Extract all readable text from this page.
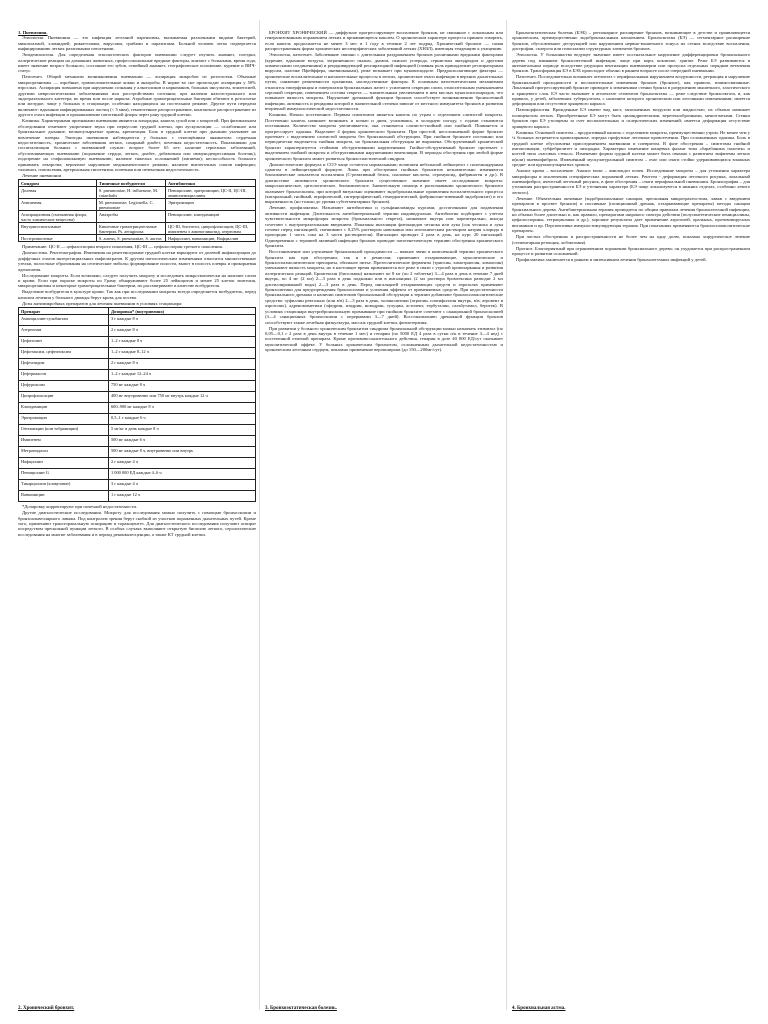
1. Пневмония.

Этиология. Пневмония — это инфекция легочной паренхимы, вызываемая различными видами бактерий, микоплазмой, хламидией, риккетсиями, вирусами, грибами и паразитами. Больной человек легко подвергается инфицированию легких различными патогенами.

Эпидемиология. Для определения этиологических факторов пневмонии следует изучить анамнез, поездки, аллергические реакции на домашних животных, профессиональные вредные факторы, контакт с больными, время года, имеет значение возраст больного, состояние его зубов, семейный анамнез, географическое положение, курение и ВИЧ-статус.

Патогенез. Общий механизм возникновения пневмонии — аспирация микробов из ротоглотки. Обычные микроорганизмы — аэробные, грамположительные кокки и анаэробы. В норме во сне происходит аспирация у 50% взрослых. Аспирация повышена при нарушении сознания у алкоголиков и наркоманов, больных инсультом, эпилепсией, другими неврологическими заболеваниями или расстройствами глотания; при наличии назогастрального или эндотрахеального катетера; во время или после наркоза. Аэробные грамотрицательные бактерии обитают в ротоглотке или желудке, чаще у больных в стационаре, особенно находящихся на постельном режиме. Другие пути передачи включают: вдыхание инфицированных частиц (< 5 мкм), гематогенное распространение, контактное распространение из другого очага инфекции и проникновение патогенной флоры через рану грудной клетки.

Клиника. Характерными признаками пневмонии являются лихорадка, кашель сухой или с мокротой. При физикальном обследовании отмечают укорочение звука при перкуссии грудной клетки, при аускультации — ослабленное или бронхиальное дыхание, мелкопузырчатые хрипы, крепитация. Боль в грудной клетке при дыхании указывает на вовлечение плевры. Эпизоды пневмонии наблюдаются у больных с отягощённым анамнезом: сердечная недостаточность, хронические заболевания легких, сахарный диабет, почечная недостаточность. Показаниями для госпитализации больных с пневмонией служат: возраст более 65 лет; наличие серьезных заболеваний, обусловливающих пневмонию (поражение сердца, легких, диабет, добавочная или иммунодепрессивная болезнь); подозрение на стафилококковую пневмонию; наличие тяжелых осложнений (эмпиема); неспособность больного принимать лекарства; вероятное нарушение медикаментозного режима; наличие внелегочных очагов инфекции; тахипноэ, гипоксемия, артериальная гипотензия, почечная или печеночная недостаточность.

Лечение пневмонии
Синдром	Типичные возбудители	Антибиотики
Долевая	S. pneumoniae, H. influenzae, M. catarrhalis	Пенициллин, эритромицин, ЦС-II, ЦС-III, аминопенициллины
Атипичная	M. pneumoniae, Legionella, C. pneumoniae	Эритромицин
Аспирационная (смешанная флора, часто химические вещества)	Анаэробы	Пенициллин, клиндамицин
Внутригоспитальные	Кишечные грамотрицательные бактерии, Ps. aeruginosa	ЦС-III, бисептол, ципрофлоксацин; ЦС-III, имипенем ± аминогликозид, азтреонам
Постгриппозные	S. aureus, S. pneumoniae, S. aureus	Нафциллин, ванкомицин, Нафциллин

Примечание: ЦС-II — цефалоспорин второго поколения, ЦС-III — цефалоспорин третьего поколения.

Диагностика. Рентгенография. Изменения на рентгенограмме грудной клетки варьируют от долевой инфильтрации до диффузных очагов интерстициальных инфильтратов. К другим патологическим изменениям относятся множественные узелки, полостные образования на септические эмболы; формирование полости, выпот в полость плевры и прикорневая аденопатия.

Исследование мокроты. Если возможно, следует получить мокроту и исследовать микроскопически на наличие слизи и крови. Если при окраске мокроты по Граму обнаруживают более 25 лейкоцитов и менее 25 клеток эпителия, микроорганизмы и некоторые грамотрицательные бактерии, их рассматривают в качестве возбудителя.

Выделение возбудителя в культуре крови. Так как при исследовании мокроты всегда определяется возбудитель, перед началом лечения у больного дважды берут кровь для посева.

Дозы антимикробных препаратов для лечения пневмонии в условиях стационара:

Препарат	Дозировка* (внутривенно)
Ампициллин-сульбактам	3 г каждые 8 ч
Азтреонам	2 г каждые 8 ч
Цефазолин	1–2 г каждые 8 ч
Цефотаксим, цефтизоксим	1–2 г каждые 8–12 ч
Цефтазидим	2 г каждые 8 ч
Цефтриаксон	1–2 г каждые 12–24 ч
Цефуроксим	750 мг каждые 8 ч
Ципрофлоксацин	400 мг внутривенно или 750 мг внутрь каждые 12 ч
Клиндамицин	600–900 мг каждые 8 ч
Эритромицин	0,5–1 г каждые 6 ч
Гентамицин (или тобрамицин)	5 мг/кг в день каждые 8 ч
Имипенем	500 мг каждые 6 ч
Метронидазол	500 мг каждые 8 ч, внутривенно или внутрь
Нафциллин	2 г каждые 4 ч
Пенициллин G	1 000 000 ЕД каждые 4–6 ч
Тикарциллин (клавуланат)	3 г каждые 4 ч
Ванкомицин	1 г каждые 12 ч

*Дозировку корректируют при почечной недостаточности.

Другие диагностические исследования. Мокроту для исследования можно получить с помощью бронхоскопии и бронхоальвеолярного лаважа. Под контролем зрения берут скобкой из участков пораженных дыхательных путей. Кроме того, применяют трансторакальную аспирацию и торакоцентез. Для диагностического исследования получают аспират посредством чрескожной пункции легкого. В особых случаях выполняют открытую биопсию легкого, серологические исследования на многие заболевания и в период реконвалесценции, а также КТ грудной клетки.

БРОНХИТ ХРОНИЧЕСКИЙ — диффузное прогрессирующее воспаление бронхов, не связанное с локальным или генерализованным поражением легких и проявляющееся кашлем. О хроническом характере процесса принято говорить, если кашель продолжается не менее 3 мес в 1 году в течение 2 лет подряд. Хронический бронхит — самая распространенная форма хронических неспецифических заболеваний легких (ХНЗЛ), имеющая тенденцию к учащению.

Этиология, патогенез. Заболевание связано с длительным раздражением бронхов различными вредными факторами (курение, вдыхание воздуха, загрязненного пылью, дымом, окисью углерода, сернистым ангидридом и другими химическими соединениями) и рецидивирующей респираторной инфекцией (главная роль принадлежит респираторным вирусам, палочке Пфейффера, пневмококкам), реже возникает при муковисцидозе. Предрасполагающие факторы — хронические воспалительные и нагноительные процессы в легких, хронические очаги инфекции в верхних дыхательных путях, снижение реактивности организма, наследственные факторы. К основным патогенетическим механизмам относятся гиперфункция и гиперплазия бронхиальных желез с усилением секреции слизи, относительным уменьшением серозной секреции, изменением состава секрета — значительным увеличением в нем кислых мукополисахаридов, что повышает вязкость мокроты. Нарушение дренажной функции бронхов способствует возникновению бронхогенной инфекции, активность и рецидивы которой в значительной степени зависят от местного иммунитета бронхов и развития вторичной иммунологической недостаточности.

Клиника. Начало постепенное. Первым симптомом является кашель по утрам с отделением слизистой мокроты. Постепенно кашель начинает возникать и ночью и днем, усиливаясь, в холодную погоду, с годами становится постоянным. Количество мокроты увеличивается, она становится слизисто-гнойной или гнойной. Появляется и прогрессирует одышка. Выделяют 4 формы хронического бронхита. При простой, неосложненной форме бронхит протекает с выделением слизистой мокроты без бронхиальной обструкции. При гнойном бронхите постоянно или периодически выделяется гнойная мокрота, но бронхиальная обструкция не выражена. Обструктивный хронический бронхит характеризуется стойкими обструктивными нарушениями. Гнойно-обструктивный бронхит протекает с выделением гнойной мокроты и обструктивными нарушениями вентиляции. В периоды обострения при любой форме хронического бронхита может развиться бронхоспастический синдром.

Диагностические формула и СОЭ чаще остаются нормальными; возможен небольшой лейкоцитоз с палочкоядерным сдвигом в лейкоцитарной формуле. Лишь при обострении гнойных бронхитов незначительно изменяются биохимические показатели воспаления (С-реактивный белок, сиаловые кислоты, серомукоид, фибриноген и др.). В диагностике активности хронического бронхита существенное значение имеет исследование мокроты: макроскопическое, цитологическое, биохимическое. Значительную помощь в распознавании хронического бронхита оказывает бронхоскопия, при которой визуально оценивают эндобронхиальные проявления воспалительного процесса (катаральный, гнойный, атрофический, гипертрофический, геморрагический, фибринозно-язвенный эндобронхит) и его выраженность (но только до уровня субсегментарных бронхов).

Лечение, профилактика. Назначают антибиотики и сульфаниламиды курсами, достаточными для подавления активности инфекции. Длительность антибактериальной терапии индивидуальна. Антибиотик подбирают с учетом чувствительности микрофлоры мокроты (бронхиального секрета), назначают внутрь или парентерально, иногда сочетают с внутритрахеальным введением. Показаны ингаляции фитонцидов чеснока или лука (сок чеснока и лука готовят перед ингаляцией, смешивают с 0,25% раствором новокаина или изотоническим раствором натрия хлорида в пропорции 1 часть сока на 3 части растворителя). Ингаляции проводят 2 раза в день, на курс 20 ингаляций. Одновременно с терапией активной инфекции бронхов проводят патогенетическую терапию обострения хронического бронхита.

Восстановление или улучшение бронхиальной проходимости — важное звено в комплексной терапии хронического бронхита как при обострении, так и в ремиссии; применяют отхаркивающие, муколитические и бронхоспазмолитические препараты, обильное питье. Протеолитические ферменты (трипсин, химотрипсин, химопсин) уменьшают вязкость мокроты, но в настоящее время применяются все реже в связи с угрозой кровохарканья и развития аллергических реакций. Бромгексин (бисольвон) назначают по 8 мг (по 2 таблетки) 3—4 раза в день в течение 7 дней внутрь, по 4 мг (2 мл) 2—3 раза в день подкожно или в ингаляциях (2 мл раствора бромгексина разводят 2 мл дистиллированной воды) 2—3 раза в день. Перед ингаляцией отхаркивающих средств и аэрозолях применяют бронхолитики для предупреждения бронхоспазма и усиления эффекта от применяемых средств. При недостаточности бронхиального дренажа и наличии симптомов бронхиальной обструкции к терапии добавляют бронхоспазмолитические средства: эуфиллин ректально (или в/в) 2—3 раза в день, холинолитики (атропин, платифиллин внутрь, в/в; атровент в аэрозолях), адреномиметики (эфедрин, изадрин, новодрин, тулуцин, астопент, тербуталин, сальбутамол, беротек). В условиях стационара внутрибронхиальную промывание при гнойном бронхите сочетают с санационной бронхоскопией (3—4 санационных бронхоскопии с перерывами 3—7 дней). Восстановлению дренажной функции бронхов способствуют также лечебная физкультура, массаж грудной клетки, физиотерапия.

При развитии у больного хроническим бронхитом синдрома бронхиальной обструкции можно назначать этимизол (по 0,05—0,1 г 2 раза в день внутрь в течение 1 мес) и гепарин (по 5000 ЕД 4 раза в сутки п/к в течение 3—4 нед) с постепенной отменой препарата. Кроме противовоспалительного действия, гепарин в дозе 40 000 ЕД/сут оказывает муколитический эффект. У больных хроническим бронхитом, осложненным дыхательной недостаточностью и хроническим легочным сердцем, показано применение верошпирона (до 150—200мг/сут).

Бронхоэктатическая болезнь (БЭБ) – регионарное расширение бронхов, возникающее в детстве и проявляющееся хроническим, преимущественно эндобронхиальным нагноением. Бронхоэктазы (БЭ) — сегментарное расширение бронхов, обусловленное деструкцией или нарушением нервно-мышечного тонуса их стенок вследствие воспаления, дистрофии, склероза или гипоплазии структурных элементов бронхов.

Этиология. У большинства ведущее значение имеет постнатальное нарушение дифференцировки бронхиального дерева под влиянием бронхолегочной инфекции, чаще при кори, коклюше, гриппе. Реже БЭ развиваются в антенатальном периоде вследствие редукции вентиляции пневмомерии или пропуска отдельных порядков ветвления бронхов. Трансформация БЭ в БЭБ происходит обычно в раннем возрасте после очередной пневмонии.

Патогенез. Последовательно возникает ателектаз с перифокальным нарушением воздушности, ретракция и нарушение бронхиальной проходимости и воспалительные изменения бронхов (бронхит), как правило, взаимосвязанные. Локальный прогрессирующий бронхит приводит к изменениям стенки бронха в разрушению мышечного, эластического и хрящевого слоя. БЭ часто вызывает в ателектазе сегментов бронхоэктазы — реже следствие бронхоэктаза, и, как правило, у детей, заболевших туберкулезом, с наличием которого хроническим или легочными изменениями; имеется деформация или отсутствие хрящевого каркаса.

Патоморфология. Врожденные БЭ имеют вид кист, заполненных воздухом или жидкостью, их обычно начинает полиценозом легких. Приобретенные БЭ могут быть цилиндрическими, веретенообразными, мешотчатыми. Стенки бронхов при БЭ утолщены за счет воспалительных и склеротических изменений; имеется деформация отсутствие хрящевого каркаса.

Клиника. Основной симптом – продуктивный кашель с отделением мокроты, преимущественно утром. Не менее чем у ¼ больных встречается кровохарканье, изредка профузные легочные кровотечения. При осложненных одышка. Боль в грудной клетке обусловлена присоединением пневмонии и плевритом. В фазе обострения – симптомы гнойной интоксикации, субфебрилитет и лихорадка. Характерно изменение концевых фаланг типа «барабанных палочек» и ногтей типа «часовых стекол». Изменение формы грудной клетки может быть связано с развитием эмфиземы легких и(или) пневмофиброза. Изменённый мускулатуральный симптом – очаг или очаги стойко удерживающихся влажных средне- или крупнопузырчатых хрипов.

Анализ крови – воспаление. Анализ мочи – амилоидоз почек. Исследование мокроты – для уточнения характера микрофлоры и исключения специфических поражений легких. Рентген - деформация легочного рисунка, локальный пневмофиброз, ячеистый легочный рисунок, в фазе обострения – очаги перифокальной пневмонии. Бронхография – для уточнения распространенности БЭ и уточнения характера (БЭ чаще локализуются в нижних отделах, особенно левого легкого).

Лечение. Обязательны активные (эндобронхиальные санации, чрескожная микротрахеостома, лаваж с введением препаратов в просвет бронхов) и пассивные (позиционный дренаж, отхаркивающие препараты) методы санации бронхиального дерева. Антибактериальная терапия проводится по общим правилам лечения бронхолегочной инфекции, но обычно более длительно и, как правило, препаратами широкого спектра действия (полусинтетические пенициллины, цефалоспорины, тетрациклины и др.), хорошие результаты дает применение аэрозолей, оральных, противовирусных витаминов и пр. Перспективна иммуностимулирующая терапия. При показаниях применяются бронхоспазмолитические препараты.

При частых обострениях и распространенности не более чем на одну долю, показано хирургическое лечение (сегментарная резекция, лобэктомия).

Прогноз. Благоприятный при ограниченном поражении бронхиального дерева; он ухудшается при распространенном процессе и развитии осложнений.

Профилактика заключается в раннем и интенсивном лечении бронхолегочных инфекций у детей.

2. Хронический бронхит.	3. Бронхоэктатическая болезнь.	4. Бронхиальная астма.
